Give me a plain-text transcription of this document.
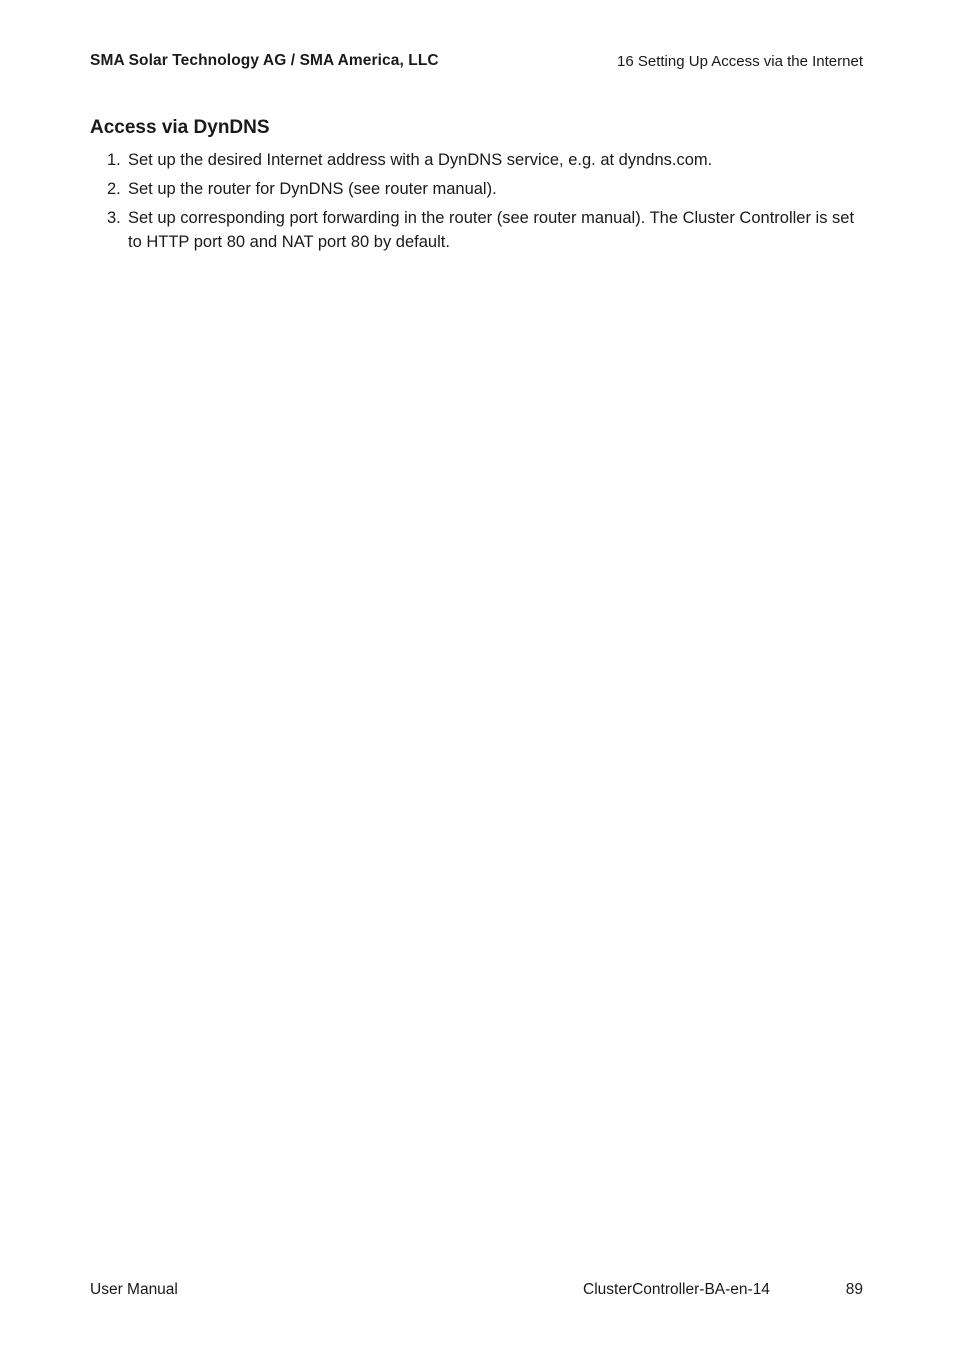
SMA Solar Technology AG / SMA America, LLC	16 Setting Up Access via the Internet
Access via DynDNS
1. Set up the desired Internet address with a DynDNS service, e.g. at dyndns.com.
2. Set up the router for DynDNS (see router manual).
3. Set up corresponding port forwarding in the router (see router manual). The Cluster Controller is set to HTTP port 80 and NAT port 80 by default.
User Manual	ClusterController-BA-en-14	89
